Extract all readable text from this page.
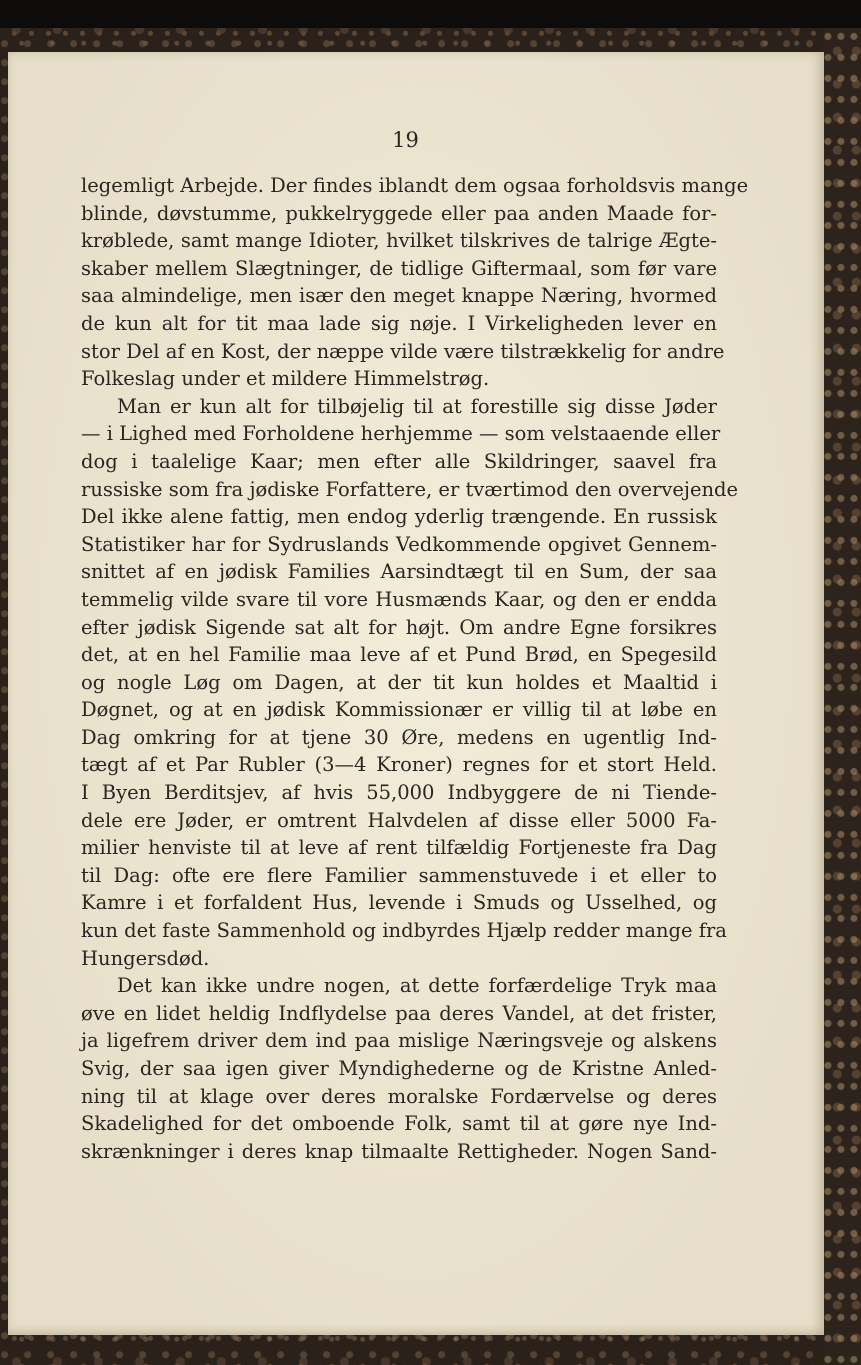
19

legemligt Arbejde. Der findes iblandt dem ogsaa forholdsvis mange
blinde, døvstumme, pukkelryggede eller paa anden Maade for-
krøblede, samt mange Idioter, hvilket tilskrives de talrige Ægte-
skaber mellem Slægtninger, de tidlige Giftermaal, som før vare
saa almindelige, men især den meget knappe Næring, hvormed
de kun alt for tit maa lade sig nøje. I Virkeligheden lever en
stor Del af en Kost, der næppe vilde være tilstrækkelig for andre
Folkeslag under et mildere Himmelstrøg.
Man er kun alt for tilbøjelig til at forestille sig disse Jøder
— i Lighed med Forholdene herhjemme — som velstaaende eller
dog i taalelige Kaar; men efter alle Skildringer, saavel fra
russiske som fra jødiske Forfattere, er tværtimod den overvejende
Del ikke alene fattig, men endog yderlig trængende. En russisk
Statistiker har for Sydruslands Vedkommende opgivet Gennem-
snittet af en jødisk Families Aarsindtægt til en Sum, der saa
temmelig vilde svare til vore Husmænds Kaar, og den er endda
efter jødisk Sigende sat alt for højt. Om andre Egne forsikres
det, at en hel Familie maa leve af et Pund Brød, en Spegesild
og nogle Løg om Dagen, at der tit kun holdes et Maaltid i
Døgnet, og at en jødisk Kommissionær er villig til at løbe en
Dag omkring for at tjene 30 Øre, medens en ugentlig Ind-
tægt af et Par Rubler (3—4 Kroner) regnes for et stort Held.
I Byen Berditsjev, af hvis 55,000 Indbyggere de ni Tiende-
dele ere Jøder, er omtrent Halvdelen af disse eller 5000 Fa-
milier henviste til at leve af rent tilfældig Fortjeneste fra Dag
til Dag: ofte ere flere Familier sammenstuvede i et eller to
Kamre i et forfaldent Hus, levende i Smuds og Usselhed, og
kun det faste Sammenhold og indbyrdes Hjælp redder mange fra
Hungersdød.
Det kan ikke undre nogen, at dette forfærdelige Tryk maa
øve en lidet heldig Indflydelse paa deres Vandel, at det frister,
ja ligefrem driver dem ind paa mislige Næringsveje og alskens
Svig, der saa igen giver Myndighederne og de Kristne Anled-
ning til at klage over deres moralske Fordærvelse og deres
Skadelighed for det omboende Folk, samt til at gøre nye Ind-
skrænkninger i deres knap tilmaalte Rettigheder. Nogen Sand-
